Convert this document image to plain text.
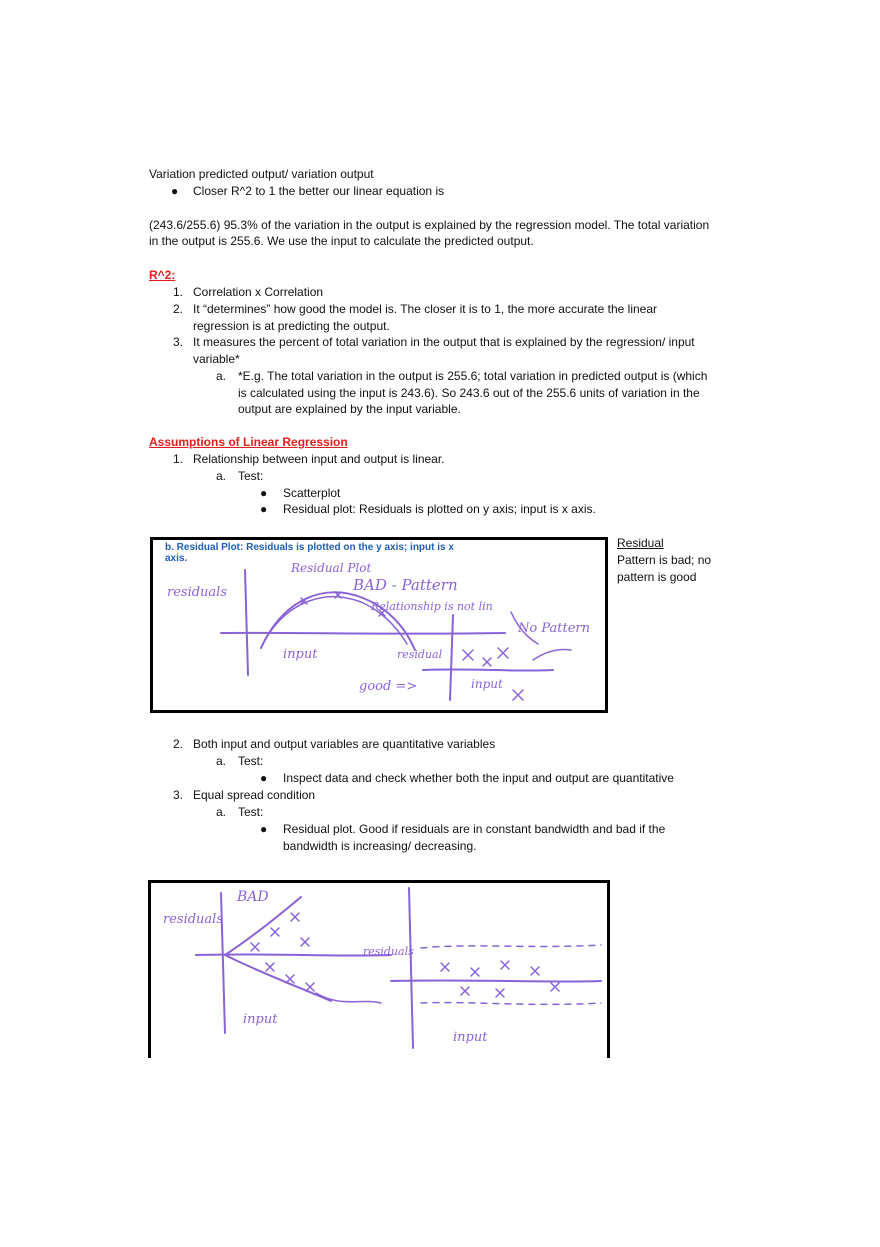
Variation predicted output/ variation output
● Closer R^2 to 1 the better our linear equation is
(243.6/255.6) 95.3% of the variation in the output is explained by the regression model. The total variation
in the output is 255.6. We use the input to calculate the predicted output.
R^2:
1. Correlation x Correlation
2. It “determines” how good the model is. The closer it is to 1, the more accurate the linear
regression is at predicting the output.
3. It measures the percent of total variation in the output that is explained by the regression/ input
variable*
a. *E.g. The total variation in the output is 255.6; total variation in predicted output is (which
is calculated using the input is 243.6). So 243.6 out of the 255.6 units of variation in the
output are explained by the input variable.
Assumptions of Linear Regression
1. Relationship between input and output is linear.
a. Test:
● Scatterplot
● Residual plot: Residuals is plotted on y axis; input is x axis.
b. Residual Plot: Residuals is plotted on the y axis; input is x axis.
residuals
Residual Plot
BAD - Pattern
Relationship is not lin
input	residual
good =>
No Pattern
input
Residual
Pattern is bad; no
pattern is good
2. Both input and output variables are quantitative variables
a. Test:
● Inspect data and check whether both the input and output are quantitative
3. Equal spread condition
a. Test:
● Residual plot. Good if residuals are in constant bandwidth and bad if the
bandwidth is increasing/ decreasing.
residuals
BAD
input
residuals
input
